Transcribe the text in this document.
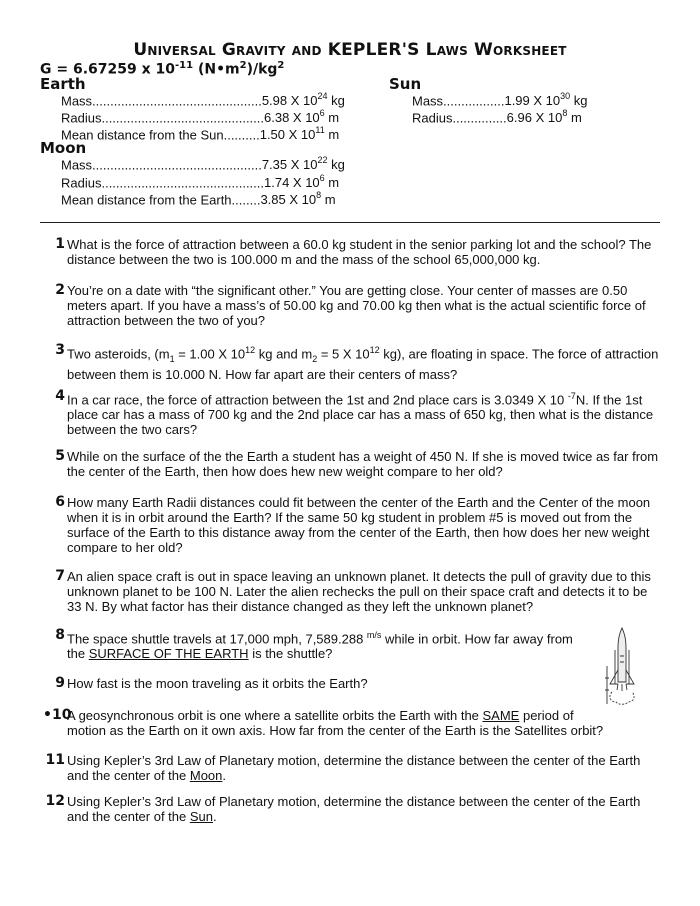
Universal Gravity and KEPLER'S Laws Worksheet
G = 6.67259 x $10^{-11}$ $(N•m^2)/kg^2$
Earth
Mass...............................................5.98 X $10^{24}$ kg
Radius.............................................6.38 X $10^6$ m
Mean distance from the Sun..........1.50 X $10^{11}$ m
Moon
Mass...............................................7.35 X $10^{22}$ kg
Radius.............................................1.74 X $10^6$ m
Mean distance from the Earth........3.85 X $10^8$ m
Sun
Mass.................1.99 X $10^{30}$ kg
Radius...............6.96 X $10^8$ m
1 What is the force of attraction between a 60.0 kg student in the senior parking lot and the school? The distance between the two is 100.000 m and the mass of the school 65,000,000 kg.
2 You’re on a date with “the significant other.” You are getting close. Your center of masses are 0.50 meters apart. If you have a mass’s of 50.00 kg and 70.00 kg then what is the actual scientific force of attraction between the two of you?
3 Two asteroids, ($m_1 = 1.00$ X $10^{12}$ kg and $m_2 = 5$ X $10^{12}$ kg), are floating in space. The force of attraction between them is 10.000 N. How far apart are their centers of mass?
4 In a car race, the force of attraction between the 1st and 2nd place cars is 3.0349 X 10 $^{-7}$N. If the 1st place car has a mass of 700 kg and the 2nd place car has a mass of 650 kg, then what is the distance between the two cars?
5 While on the surface of the the Earth a student has a weight of 450 N. If she is moved twice as far from the center of the Earth, then how does hew new weight compare to her old?
6 How many Earth Radii distances could fit between the center of the Earth and the Center of the moon when it is in orbit around the Earth? If the same 50 kg student in problem #5 is moved out from the surface of the Earth to this distance away from the center of the Earth, then how does her new weight compare to her old?
7 An alien space craft is out in space leaving an unknown planet. It detects the pull of gravity due to this unknown planet to be 100 N. Later the alien rechecks the pull on their space craft and detects it to be 33 N. By what factor has their distance changed as they left the unknown planet?
8 The space shuttle travels at 17,000 mph, 7,589.288 $^{m/s}$ while in orbit. How far away from the SURFACE OF THE EARTH is the shuttle?
9 How fast is the moon traveling as it orbits the Earth?
•10
A geosynchronous orbit is one where a satellite orbits the Earth with the SAME period of motion as the Earth on it own axis. How far from the center of the Earth is the Satellites orbit?
11 Using Kepler’s 3rd Law of Planetary motion, determine the distance between the center of the Earth and the center of the Moon.
12 Using Kepler’s 3rd Law of Planetary motion, determine the distance between the center of the Earth and the center of the Sun.
